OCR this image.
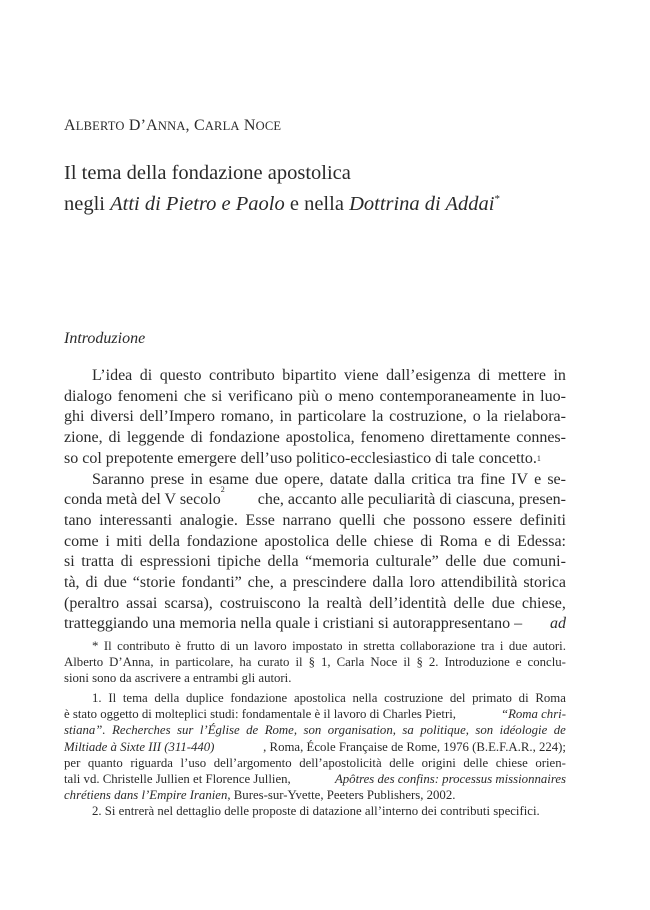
ALBERTO D’ANNA, CARLA NOCE
Il tema della fondazione apostolica
negli Atti di Pietro e Paolo e nella Dottrina di Addai*
Introduzione
L’idea di questo contributo bipartito viene dall’esigenza di mettere in
dialogo fenomeni che si verificano più o meno contemporaneamente in luo-
ghi diversi dell’Impero romano, in particolare la costruzione, o la rielabora-
zione, di leggende di fondazione apostolica, fenomeno direttamente connes-
so col prepotente emergere dell’uso politico-ecclesiastico di tale concetto. 1
Saranno prese in esame due opere, datate dalla critica tra fine IV e se-
conda metà del V secolo
2
che, accanto alle peculiarità di ciascuna, presen-
tano interessanti analogie. Esse narrano quelli che possono essere definiti
come i miti della fondazione apostolica delle chiese di Roma e di Edessa:
si tratta di espressioni tipiche della “memoria culturale” delle due comuni-
tà, di due “storie fondanti” che, a prescindere dalla loro attendibilità storica
(peraltro assai scarsa), costruiscono la realtà dell’identità delle due chiese,
tratteggiando una memoria nella quale i cristiani si autorappresentano – ad
* Il contributo è frutto di un lavoro impostato in stretta collaborazione tra i due autori.
Alberto D’Anna, in particolare, ha curato il § 1, Carla Noce il § 2. Introduzione e conclu-
sioni sono da ascrivere a entrambi gli autori.
1. Il tema della duplice fondazione apostolica nella costruzione del primato di Roma
è stato oggetto di molteplici studi: fondamentale è il lavoro di Charles Pietri,	“Roma chri-
stiana”. Recherches sur l’Église de Rome, son organisation, sa politique, son idéologie de
Miltiade à Sixte III (311-440)	, Roma, École Française de Rome, 1976 (B.E.F.A.R., 224);
per quanto riguarda l’uso dell’argomento dell’apostolicità delle origini delle chiese orien-
tali vd. Christelle Jullien et Florence Jullien,	Apôtres des confins: processus missionnaires
chrétiens dans l’Empire Iranien , Bures-sur-Yvette, Peeters Publishers, 2002.
2. Si entrerà nel dettaglio delle proposte di datazione all’interno dei contributi specifici.
